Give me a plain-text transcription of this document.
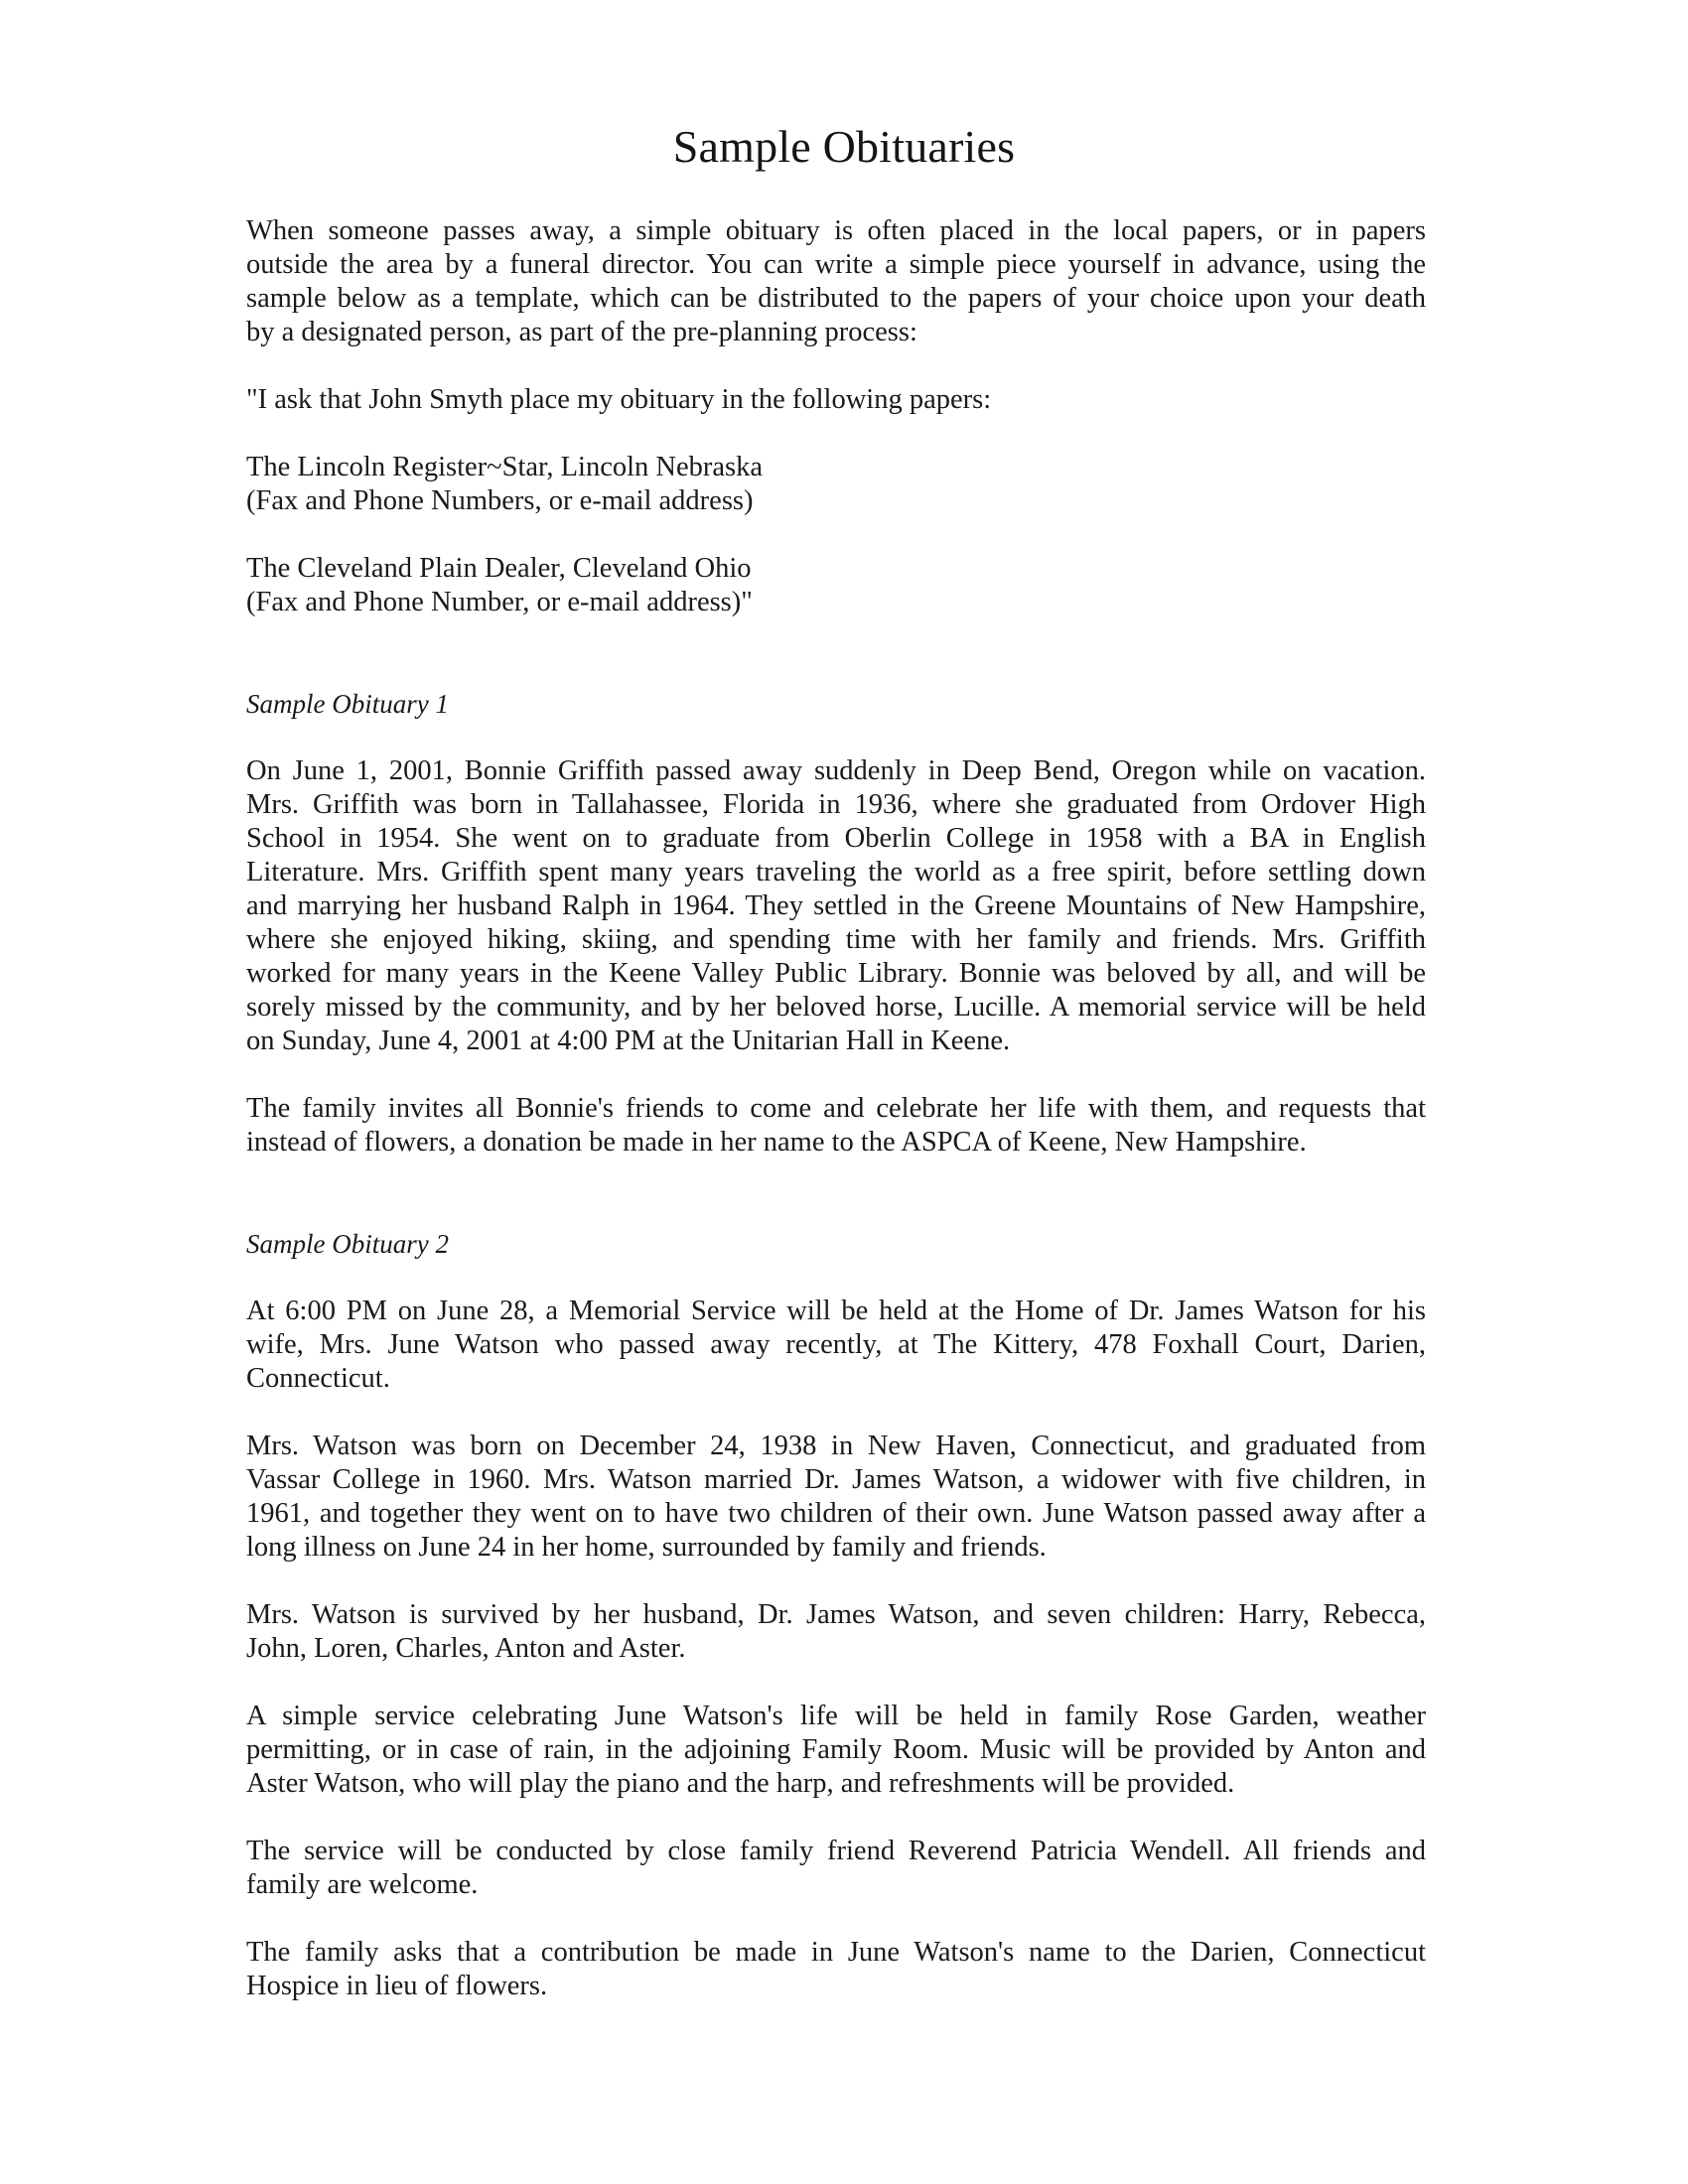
Sample Obituaries
When someone passes away, a simple obituary is often placed in the local papers, or in papers
outside the area by a funeral director. You can write a simple piece yourself in advance, using the
sample below as a template, which can be distributed to the papers of your choice upon your death
by a designated person, as part of the pre-planning process:
"I ask that John Smyth place my obituary in the following papers:
The Lincoln Register~Star, Lincoln Nebraska
(Fax and Phone Numbers, or e-mail address)
The Cleveland Plain Dealer, Cleveland Ohio
(Fax and Phone Number, or e-mail address)"
Sample Obituary 1
On June 1, 2001, Bonnie Griffith passed away suddenly in Deep Bend, Oregon while on vacation.
Mrs. Griffith was born in Tallahassee, Florida in 1936, where she graduated from Ordover High
School in 1954. She went on to graduate from Oberlin College in 1958 with a BA in English
Literature. Mrs. Griffith spent many years traveling the world as a free spirit, before settling down
and marrying her husband Ralph in 1964. They settled in the Greene Mountains of New Hampshire,
where she enjoyed hiking, skiing, and spending time with her family and friends. Mrs. Griffith
worked for many years in the Keene Valley Public Library. Bonnie was beloved by all, and will be
sorely missed by the community, and by her beloved horse, Lucille. A memorial service will be held
on Sunday, June 4, 2001 at 4:00 PM at the Unitarian Hall in Keene.
The family invites all Bonnie's friends to come and celebrate her life with them, and requests that
instead of flowers, a donation be made in her name to the ASPCA of Keene, New Hampshire.
Sample Obituary 2
At 6:00 PM on June 28, a Memorial Service will be held at the Home of Dr. James Watson for his
wife, Mrs. June Watson who passed away recently, at The Kittery, 478 Foxhall Court, Darien,
Connecticut.
Mrs. Watson was born on December 24, 1938 in New Haven, Connecticut, and graduated from
Vassar College in 1960. Mrs. Watson married Dr. James Watson, a widower with five children, in
1961, and together they went on to have two children of their own. June Watson passed away after a
long illness on June 24 in her home, surrounded by family and friends.
Mrs. Watson is survived by her husband, Dr. James Watson, and seven children: Harry, Rebecca,
John, Loren, Charles, Anton and Aster.
A simple service celebrating June Watson's life will be held in family Rose Garden, weather
permitting, or in case of rain, in the adjoining Family Room. Music will be provided by Anton and
Aster Watson, who will play the piano and the harp, and refreshments will be provided.
The service will be conducted by close family friend Reverend Patricia Wendell. All friends and
family are welcome.
The family asks that a contribution be made in June Watson's name to the Darien, Connecticut
Hospice in lieu of flowers.
